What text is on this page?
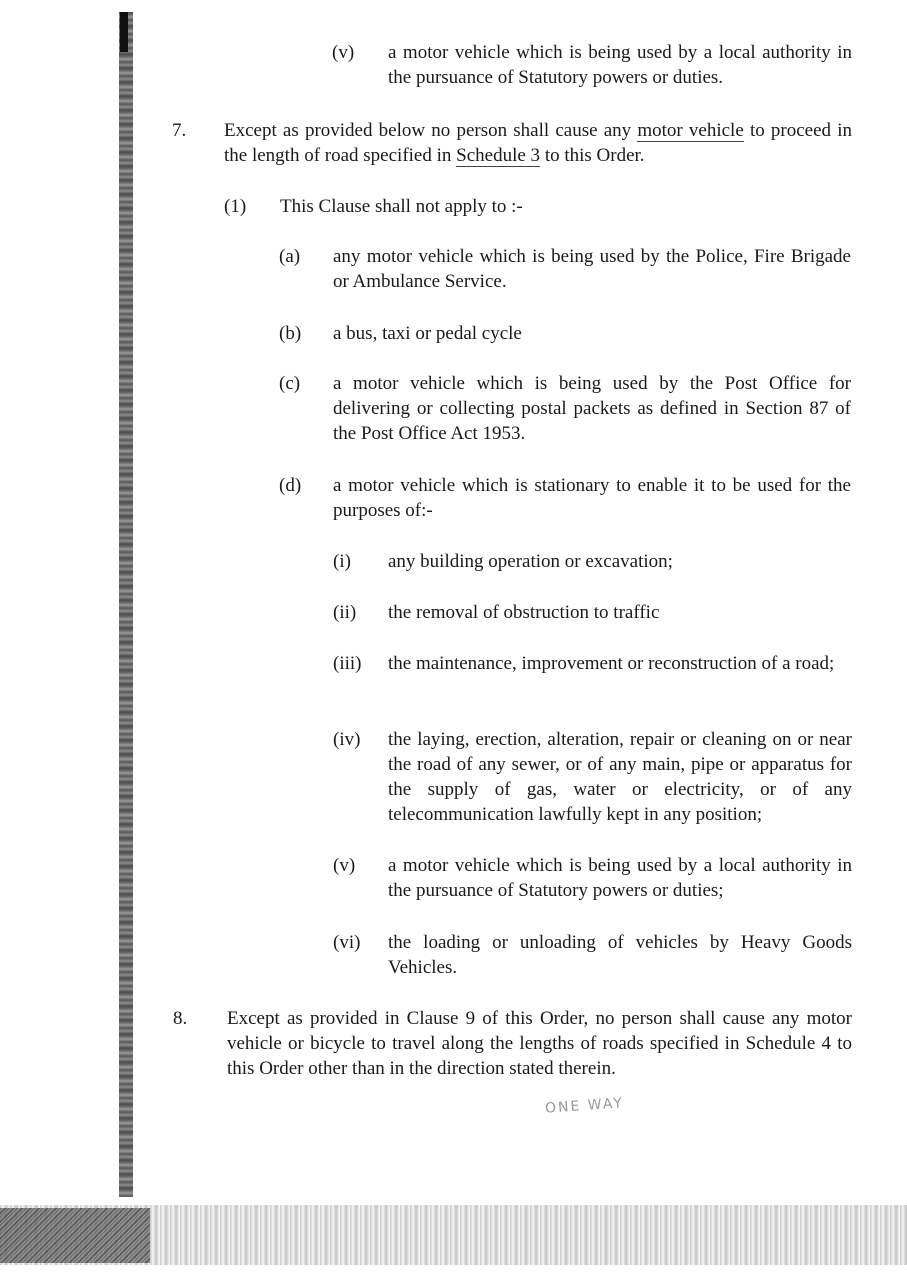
(v) a motor vehicle which is being used by a local authority in the pursuance of Statutory powers or duties.
7. Except as provided below no person shall cause any motor vehicle to proceed in the length of road specified in Schedule 3 to this Order.
(1) This Clause shall not apply to :-
(a) any motor vehicle which is being used by the Police, Fire Brigade or Ambulance Service.
(b) a bus, taxi or pedal cycle
(c) a motor vehicle which is being used by the Post Office for delivering or collecting postal packets as defined in Section 87 of the Post Office Act 1953.
(d) a motor vehicle which is stationary to enable it to be used for the purposes of:-
(i) any building operation or excavation;
(ii) the removal of obstruction to traffic
(iii) the maintenance, improvement or reconstruction of a road;
(iv) the laying, erection, alteration, repair or cleaning on or near the road of any sewer, or of any main, pipe or apparatus for the supply of gas, water or electricity, or of any telecommunication lawfully kept in any position;
(v) a motor vehicle which is being used by a local authority in the pursuance of Statutory powers or duties;
(vi) the loading or unloading of vehicles by Heavy Goods Vehicles.
8. Except as provided in Clause 9 of this Order, no person shall cause any motor vehicle or bicycle to travel along the lengths of roads specified in Schedule 4 to this Order other than in the direction stated therein.
ONE WAY
